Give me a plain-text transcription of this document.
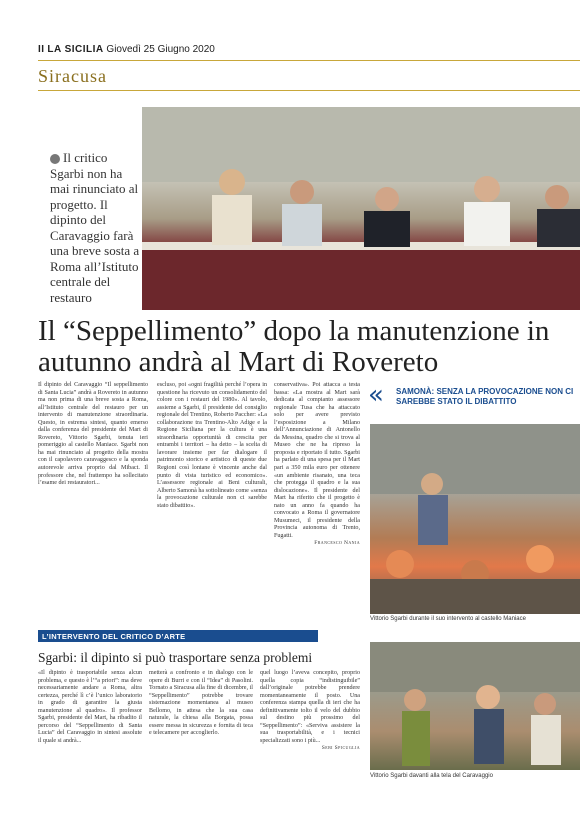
II LA SICILIA Giovedì 25 Giugno 2020
Siracusa
Il critico Sgarbi non ha mai rinunciato al progetto. Il dipinto del Caravaggio farà una breve sosta a Roma all’Istituto centrale del restauro
Il “Seppellimento” dopo la manutenzione in autunno andrà al Mart di Rovereto
Il dipinto del Caravaggio “Il seppellimento di Santa Lucia” andrà a Rovereto in autunno ma non prima di una breve sosta a Roma, all’Istituto centrale del restauro per un intervento di manutenzione straordinaria. Questo, in estrema sintesi, quanto emerso dalla conferenza del presidente del Mart di Rovereto, Vittorio Sgarbi, tenuta ieri pomeriggio al castello Maniace. Sgarbi non ha mai rinunciato al progetto della mostra con il capolavoro caravaggesco e la sponda autorevole arriva proprio dal Mibact. Il professore che, nel frattempo ha sollecitato l’esame dei restauratori...
escluso, poi «ogni fragilità perché l’opera in questione ha ricevuto un consolidamento del colore con i restauri del 1980». Al tavolo, assieme a Sgarbi, il presidente del consiglio regionale del Trentino, Roberto Paccher: «La collaborazione tra Trentino-Alto Adige e la Regione Siciliana per la cultura è una straordinaria opportunità di crescita per entrambi i territori – ha detto – la scelta di lavorare insieme per far dialogare il patrimonio storico e artistico di queste due Regioni così lontane è vincente anche dal punto di vista turistico ed economico». L’assessore regionale ai Beni culturali, Alberto Samonà ha sottolineato come «senza la provocazione culturale non ci sarebbe stato dibattito».
conservativa». Poi attacca a testa bassa: «La mostra al Mart sarà dedicata al compianto assessore regionale Tusa che ha attaccato solo per avere previsto l’esposizione a Milano dell’Annunciazione di Antonello da Messina, quadro che si trova al Museo che ne ha ripreso la proposta e riportato il tutto. Sgarbi ha parlato di una spesa per il Mart pari a 350 mila euro per ottenere «un ambiente risanato, una teca che protegga il quadro e la sua dislocazione». Il presidente del Mart ha riferito che il progetto è nato un anno fa quando ha convocato a Roma il governatore Musumeci, il presidente della Provincia autonoma di Trento, Fugatti.
Francesco Nania
«	SAMONÀ: SENZA LA PROVOCAZIONE NON CI SAREBBE STATO IL DIBATTITO
Vittorio Sgarbi durante il suo intervento al castello Maniace
L’INTERVENTO DEL CRITICO D’ARTE
Sgarbi: il dipinto si può trasportare senza problemi
«Il dipinto è trasportabile senza alcun problema, e questo è l’“a priori”: ma deve necessariamente andare a Roma, altra certezza, perché lì c’è l’unico laboratorio in grado di garantire la giusta manutenzione al quadro». Il professor Sgarbi, presidente del Mart, ha ribadito il percorso del “Seppellimento di Santa Lucia” del Caravaggio in sintesi assolute il quale si andrà...
metterà a confronto e in dialogo con le opere di Burri e con il “Idea” di Pasolini. Tornato a Siracusa alla fine di dicembre, il “Seppellimento” potrebbe trovare sistemazione momentanea al museo Bellomo, in attesa che la sua casa naturale, la chiesa alla Borgata, possa essere messa in sicurezza e fornita di teca e telecamere per accoglierlo.
quel luogo l’aveva concepito, proprio quella copia “indistinguibile” dall’originale potrebbe prendere momentaneamente il posto. Una conferenza stampa quella di ieri che ha definitivamente tolto il velo del dubbio sul destino più prossimo del “Seppellimento”: «Serviva assistere la sua trasportabilità, e i tecnici specializzati sono i più...
Sebi Spicuglia
Vittorio Sgarbi davanti alla tela del Caravaggio
